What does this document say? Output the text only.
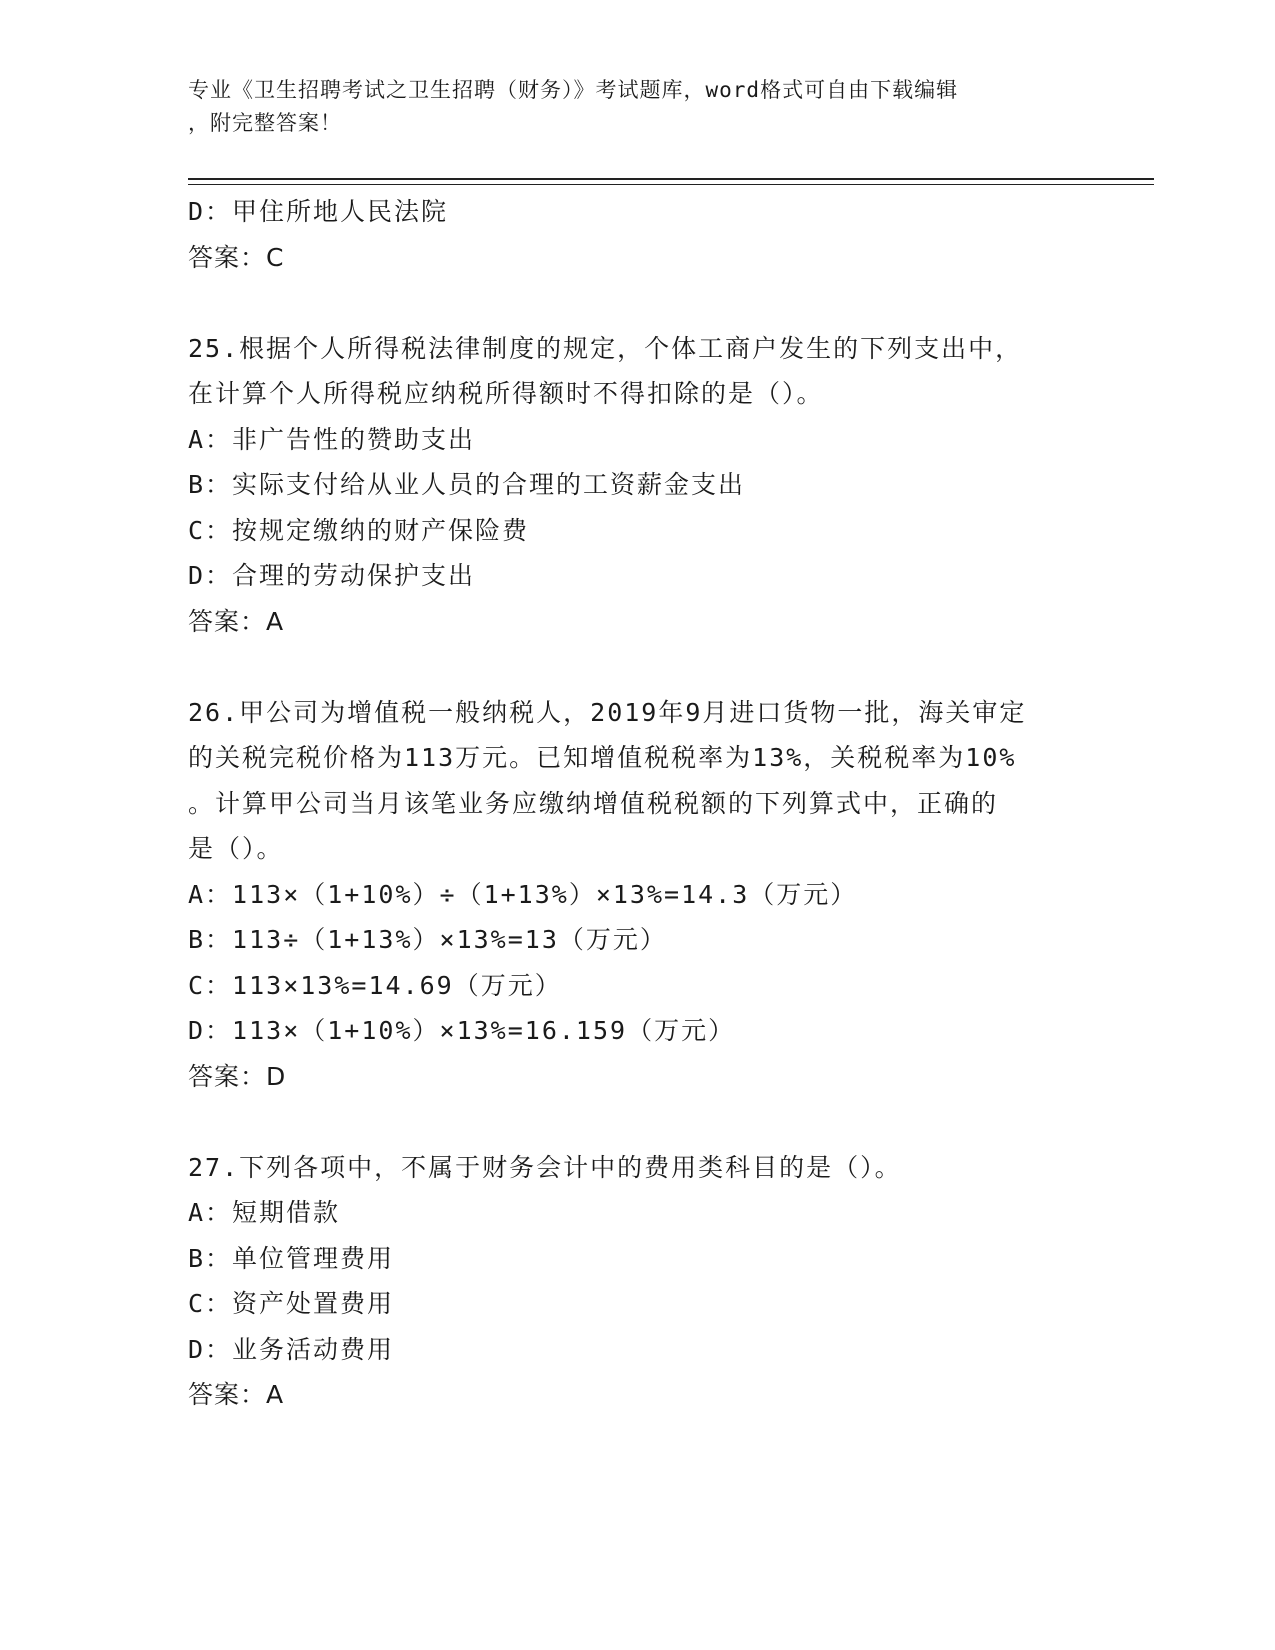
专业《卫生招聘考试之卫生招聘（财务）》考试题库，word格式可自由下载编辑
，附完整答案！
D：甲住所地人民法院
答案：C
25.根据个人所得税法律制度的规定，个体工商户发生的下列支出中，
在计算个人所得税应纳税所得额时不得扣除的是（）。
A：非广告性的赞助支出
B：实际支付给从业人员的合理的工资薪金支出
C：按规定缴纳的财产保险费
D：合理的劳动保护支出
答案：A
26.甲公司为增值税一般纳税人，2019年9月进口货物一批，海关审定
的关税完税价格为113万元。已知增值税税率为13%，关税税率为10%
。计算甲公司当月该笔业务应缴纳增值税税额的下列算式中，正确的
是（）。
A：113×（1+10%）÷（1+13%）×13%=14.3（万元）
B：113÷（1+13%）×13%=13（万元）
C：113×13%=14.69（万元）
D：113×（1+10%）×13%=16.159（万元）
答案：D
27.下列各项中，不属于财务会计中的费用类科目的是（）。
A：短期借款
B：单位管理费用
C：资产处置费用
D：业务活动费用
答案：A
